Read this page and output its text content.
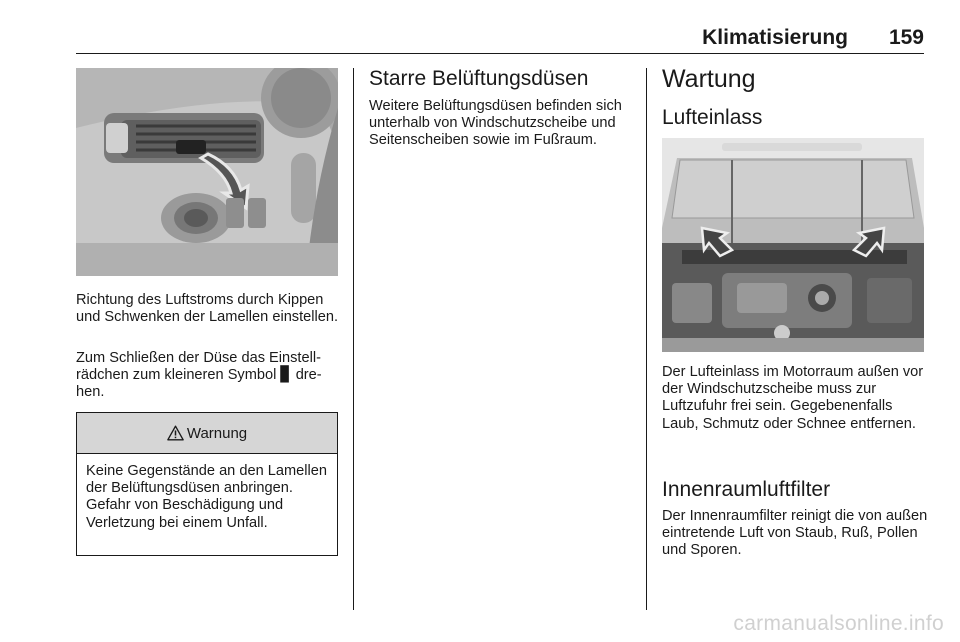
Klimatisierung	159

Richtung des Luftstroms durch Kippen und Schwenken der Lamellen einstellen.

Zum Schließen der Düse das Einstellrädchen zum kleineren Symbol ▊ drehen.

Warnung

Keine Gegenstände an den Lamellen der Belüftungsdüsen anbringen. Gefahr von Beschädigung und Verletzung bei einem Unfall.

Starre Belüftungsdüsen

Weitere Belüftungsdüsen befinden sich unterhalb von Windschutzscheibe und Seitenscheiben sowie im Fußraum.

Wartung
Lufteinlass

Der Lufteinlass im Motorraum außen vor der Windschutzscheibe muss zur Luftzufuhr frei sein. Gegebenenfalls Laub, Schmutz oder Schnee entfernen.

Innenraumluftfilter

Der Innenraumfilter reinigt die von außen eintretende Luft von Staub, Ruß, Pollen und Sporen.

carmanualsonline.info
